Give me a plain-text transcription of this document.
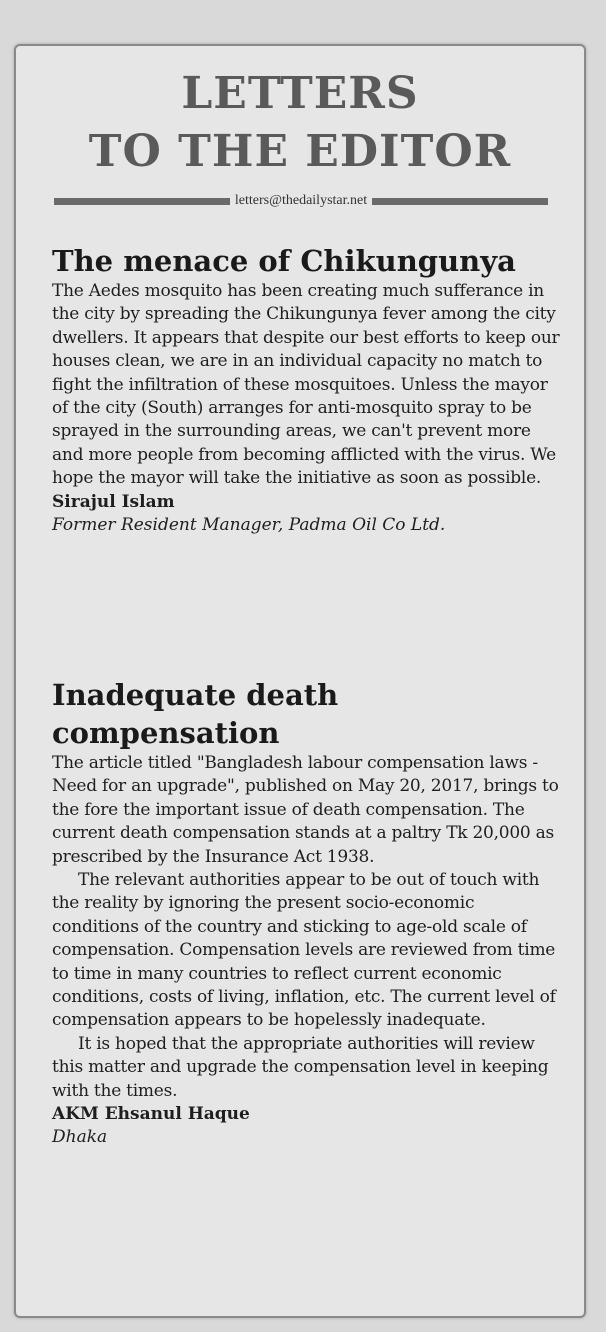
LETTERS
TO THE EDITOR
letters@thedailystar.net
The menace of Chikungunya

The Aedes mosquito has been creating much sufferance in the city by spreading the Chikungunya fever among the city dwellers. It appears that despite our best efforts to keep our houses clean, we are in an individual capacity no match to fight the infiltration of these mosquitoes. Unless the mayor of the city (South) arranges for anti-mosquito spray to be sprayed in the surrounding areas, we can't prevent more and more people from becoming afflicted with the virus. We hope the mayor will take the initiative as soon as possible.

Sirajul Islam

Former Resident Manager, Padma Oil Co Ltd.

Inadequate death compensation

The article titled "Bangladesh labour compensation laws - Need for an upgrade", published on May 20, 2017, brings to the fore the important issue of death compensation. The current death compensation stands at a paltry Tk 20,000 as prescribed by the Insurance Act 1938.

The relevant authorities appear to be out of touch with the reality by ignoring the present socio-economic conditions of the country and sticking to age-old scale of compensation. Compensation levels are reviewed from time to time in many countries to reflect current economic conditions, costs of living, inflation, etc. The current level of compensation appears to be hopelessly inadequate.

It is hoped that the appropriate authorities will review this matter and upgrade the compensation level in keeping with the times.

AKM Ehsanul Haque

Dhaka
